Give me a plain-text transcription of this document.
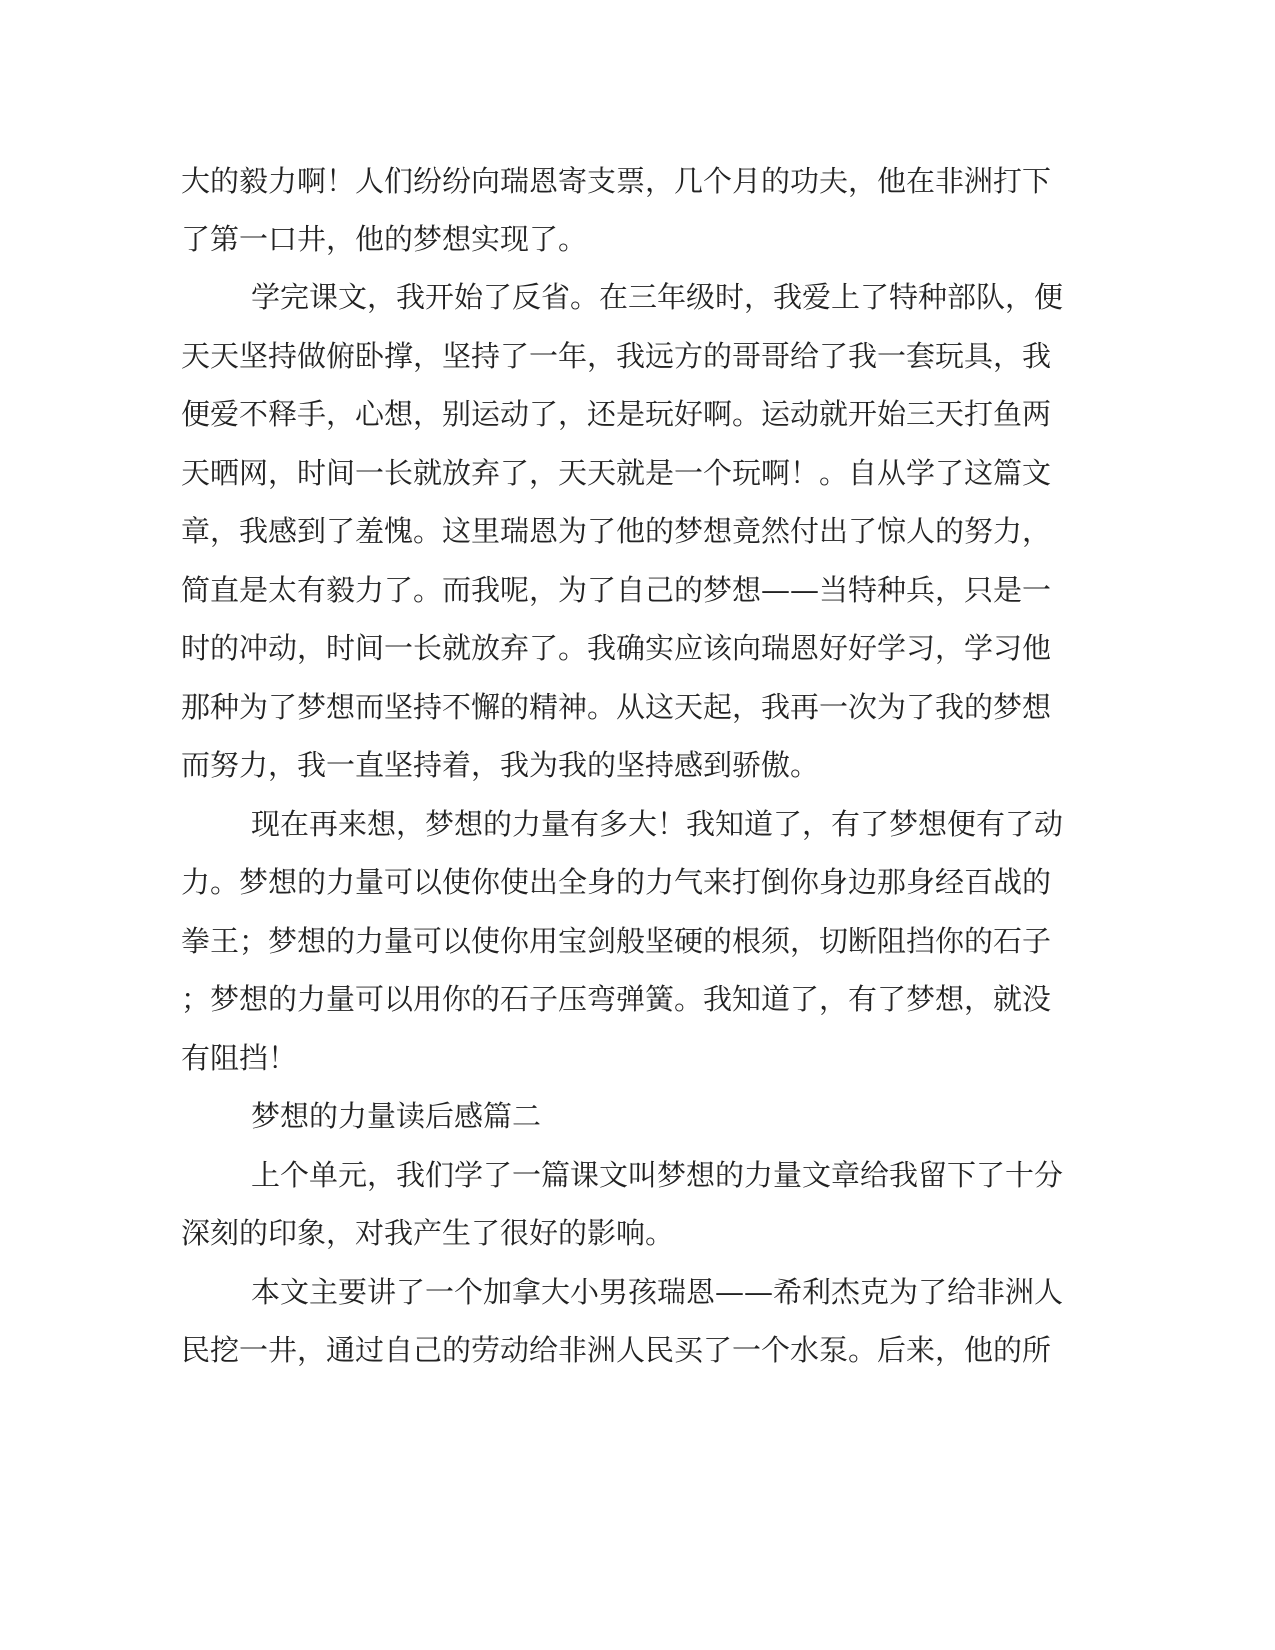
大的毅力啊！人们纷纷向瑞恩寄支票，几个月的功夫，他在非洲打下
了第一口井，他的梦想实现了。
学完课文，我开始了反省。在三年级时，我爱上了特种部队，便
天天坚持做俯卧撑，坚持了一年，我远方的哥哥给了我一套玩具，我
便爱不释手，心想，别运动了，还是玩好啊。运动就开始三天打鱼两
天晒网，时间一长就放弃了，天天就是一个玩啊！。自从学了这篇文
章，我感到了羞愧。这里瑞恩为了他的梦想竟然付出了惊人的努力，
简直是太有毅力了。而我呢，为了自己的梦想——当特种兵，只是一
时的冲动，时间一长就放弃了。我确实应该向瑞恩好好学习，学习他
那种为了梦想而坚持不懈的精神。从这天起，我再一次为了我的梦想
而努力，我一直坚持着，我为我的坚持感到骄傲。
现在再来想，梦想的力量有多大！我知道了，有了梦想便有了动
力。梦想的力量可以使你使出全身的力气来打倒你身边那身经百战的
拳王；梦想的力量可以使你用宝剑般坚硬的根须，切断阻挡你的石子
；梦想的力量可以用你的石子压弯弹簧。我知道了，有了梦想，就没
有阻挡！
梦想的力量读后感篇二
上个单元，我们学了一篇课文叫梦想的力量文章给我留下了十分
深刻的印象，对我产生了很好的影响。
本文主要讲了一个加拿大小男孩瑞恩——希利杰克为了给非洲人
民挖一井，通过自己的劳动给非洲人民买了一个水泵。后来，他的所
